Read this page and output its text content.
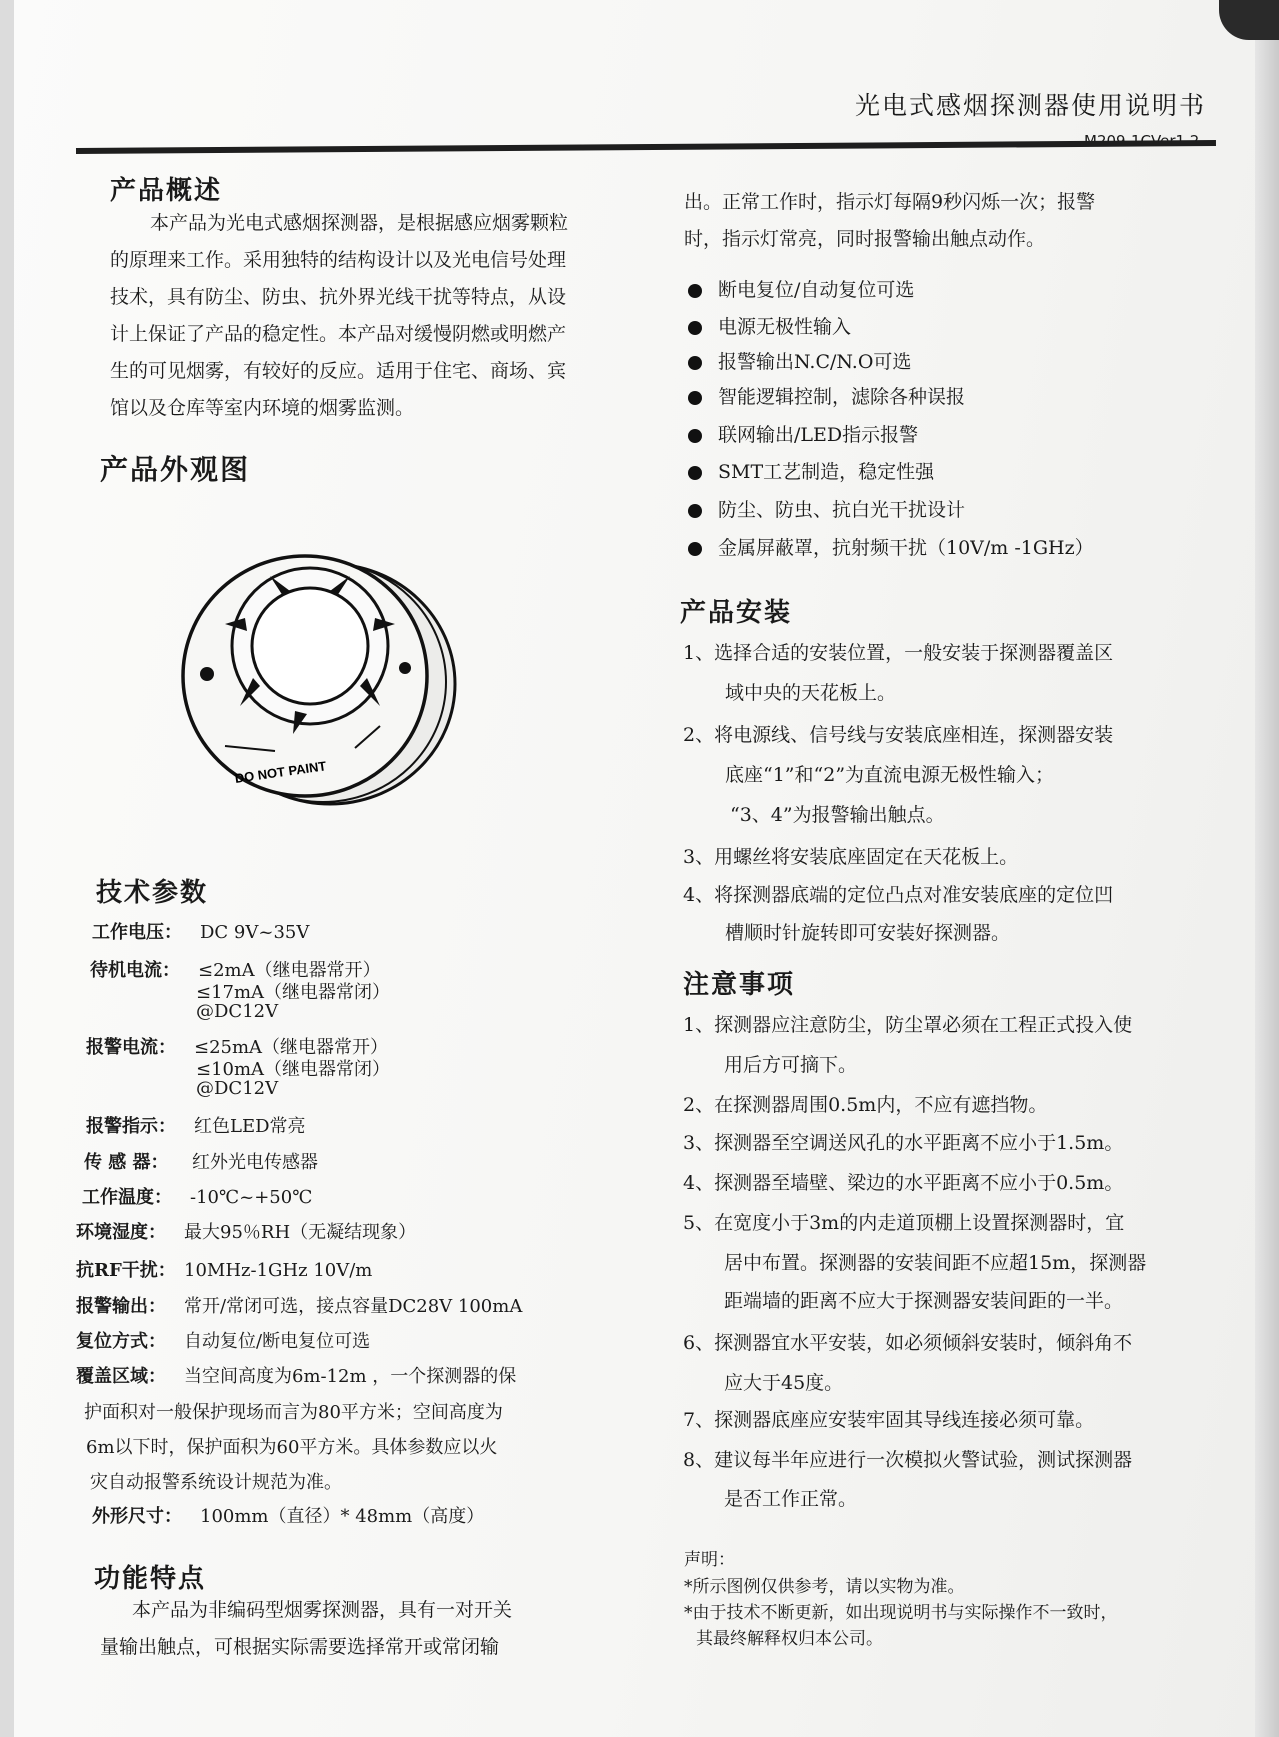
光电式感烟探测器使用说明书
产品概述
本产品为光电式感烟探测器，是根据感应烟雾颗粒
的原理来工作。采用独特的结构设计以及光电信号处理
技术，具有防尘、防虫、抗外界光线干扰等特点，从设
计上保证了产品的稳定性。本产品对缓慢阴燃或明燃产
生的可见烟雾，有较好的反应。适用于住宅、商场、宾
馆以及仓库等室内环境的烟雾监测。
产品外观图
DO NOT PAINT
技术参数
工作电压： DC 9V~35V
待机电流： ≤2mA（继电器常开）
≤17mA（继电器常闭）
@DC12V
报警电流： ≤25mA（继电器常开）
≤10mA（继电器常闭）
@DC12V
报警指示： 红色LED常亮
传 感 器： 红外光电传感器
工作温度： -10℃~+50℃
环境湿度： 最大95％RH（无凝结现象）
抗RF干扰： 10MHz-1GHz 10V/m
报警输出： 常开/常闭可选，接点容量DC28V 100mA
复位方式： 自动复位/断电复位可选
覆盖区域： 当空间高度为6m-12m ，一个探测器的保
护面积对一般保护现场而言为80平方米；空间高度为
6m以下时，保护面积为60平方米。具体参数应以火
灾自动报警系统设计规范为准。
外形尺寸： 100mm（直径）* 48mm（高度）
功能特点
本产品为非编码型烟雾探测器，具有一对开关
量输出触点，可根据实际需要选择常开或常闭输
出。正常工作时，指示灯每隔9秒闪烁一次；报警
时，指示灯常亮，同时报警输出触点动作。
断电复位/自动复位可选
电源无极性输入
报警输出N.C/N.O可选
智能逻辑控制，滤除各种误报
联网输出/LED指示报警
SMT工艺制造，稳定性强
防尘、防虫、抗白光干扰设计
金属屏蔽罩，抗射频干扰（10V/m -1GHz）
产品安装
1、选择合适的安装位置，一般安装于探测器覆盖区
域中央的天花板上。
2、将电源线、信号线与安装底座相连，探测器安装
底座“1”和“2”为直流电源无极性输入；
“3、4”为报警输出触点。
3、用螺丝将安装底座固定在天花板上。
4、将探测器底端的定位凸点对准安装底座的定位凹
槽顺时针旋转即可安装好探测器。
注意事项
1、探测器应注意防尘，防尘罩必须在工程正式投入使
用后方可摘下。
2、在探测器周围0.5m内，不应有遮挡物。
3、探测器至空调送风孔的水平距离不应小于1.5m。
4、探测器至墙壁、梁边的水平距离不应小于0.5m。
5、在宽度小于3m的内走道顶棚上设置探测器时，宜
居中布置。探测器的安装间距不应超15m，探测器
距端墙的距离不应大于探测器安装间距的一半。
6、探测器宜水平安装，如必须倾斜安装时，倾斜角不
应大于45度。
7、探测器底座应安装牢固其导线连接必须可靠。
8、建议每半年应进行一次模拟火警试验，测试探测器
是否工作正常。
声明：
*所示图例仅供参考，请以实物为准。
*由于技术不断更新，如出现说明书与实际操作不一致时，
其最终解释权归本公司。
